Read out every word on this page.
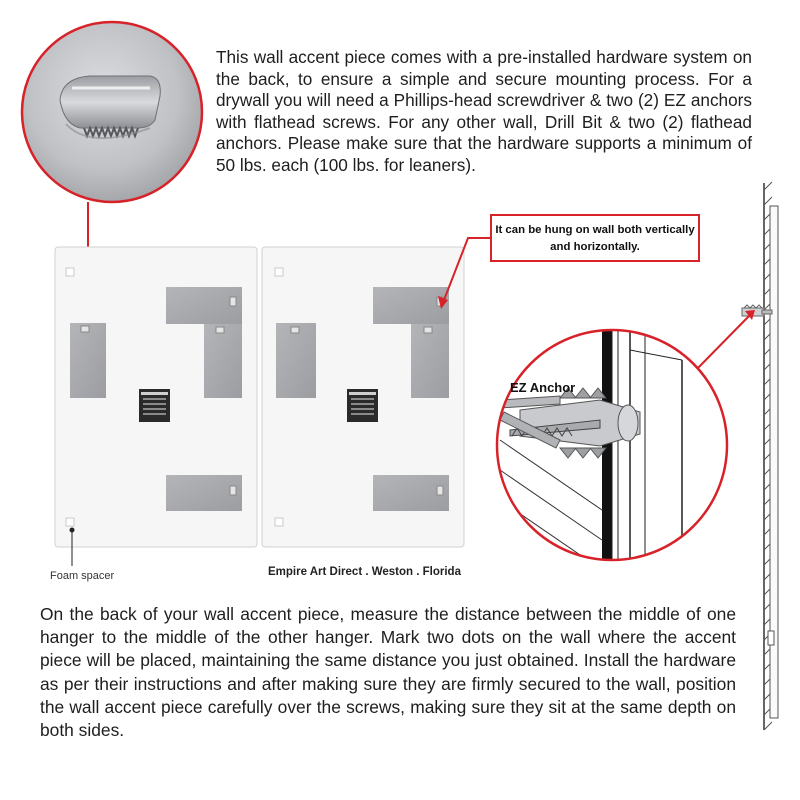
This wall accent piece comes with a pre-installed hardware system on the back, to ensure a simple and secure mounting process. For a drywall you will need a Phillips-head screwdriver & two (2) EZ anchors with flathead screws. For any other wall, Drill Bit & two (2) flathead anchors. Please make sure that the hardware supports a minimum of 50 lbs. each (100 lbs. for leaners).
It can be hung on wall both vertically and horizontally.
EZ Anchor
Foam spacer	Empire Art Direct . Weston . Florida
On the back of your wall accent piece, measure the distance between the middle of one hanger to the middle of the other hanger. Mark two dots on the wall where the accent piece will be placed, maintaining the same distance you just obtained. Install the hardware as per their instructions and after making sure they are firmly secured to the wall, position the wall accent piece carefully over the screws, making sure they sit at the same depth on both sides.
